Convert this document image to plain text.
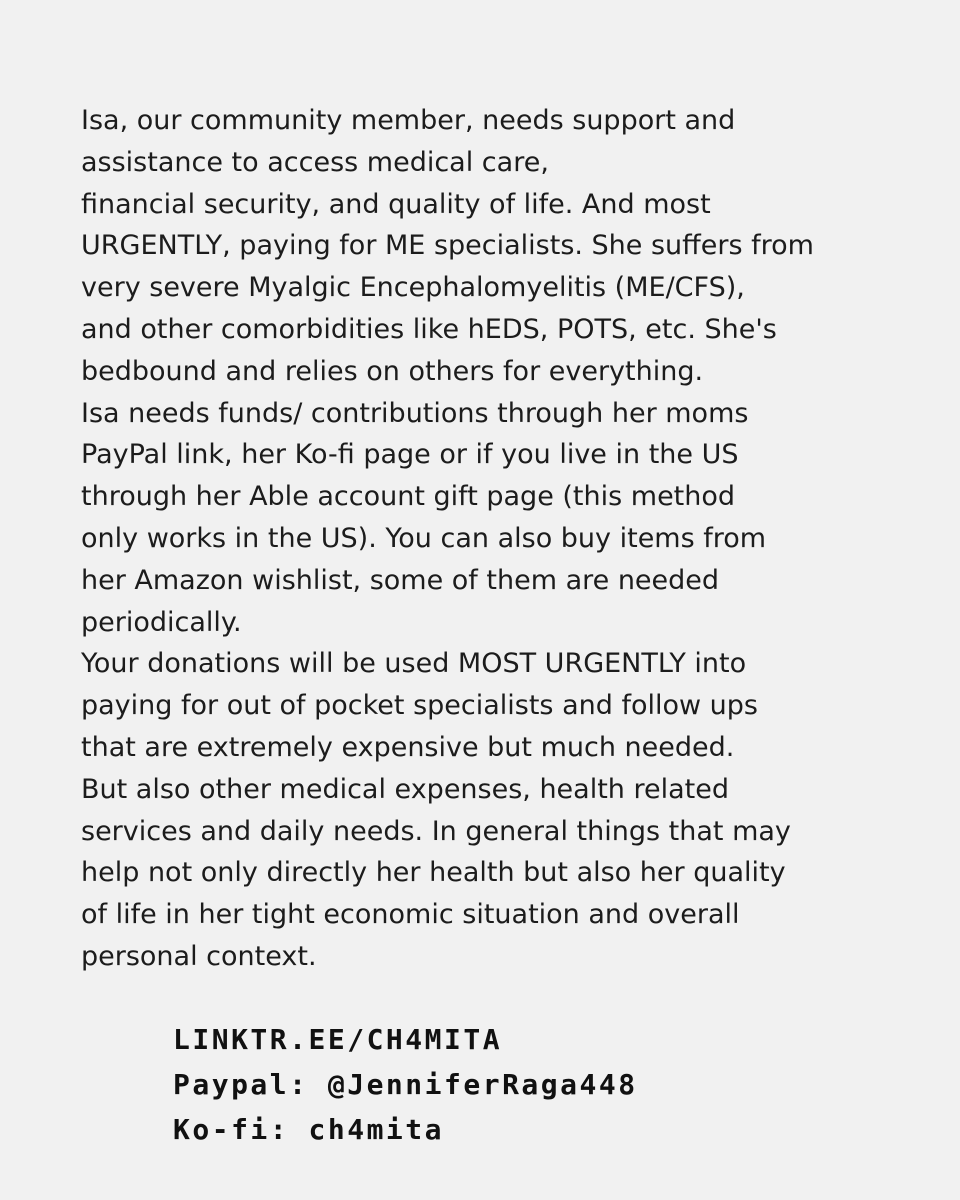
Isa, our community member, needs support and
assistance to access medical care,
financial security, and quality of life. And most
URGENTLY, paying for ME specialists. She suffers from
very severe Myalgic Encephalomyelitis (ME/CFS),
and other comorbidities like hEDS, POTS, etc. She's
bedbound and relies on others for everything.
Isa needs funds/ contributions through her moms
PayPal link, her Ko-fi page or if you live in the US
through her Able account gift page (this method
only works in the US). You can also buy items from
her Amazon wishlist, some of them are needed
periodically.
Your donations will be used MOST URGENTLY into
paying for out of pocket specialists and follow ups
that are extremely expensive but much needed.
But also other medical expenses, health related
services and daily needs. In general things that may
help not only directly her health but also her quality
of life in her tight economic situation and overall
personal context.

LINKTR.EE/CH4MITA
Paypal: @JenniferRaga448
Ko-fi: ch4mita
